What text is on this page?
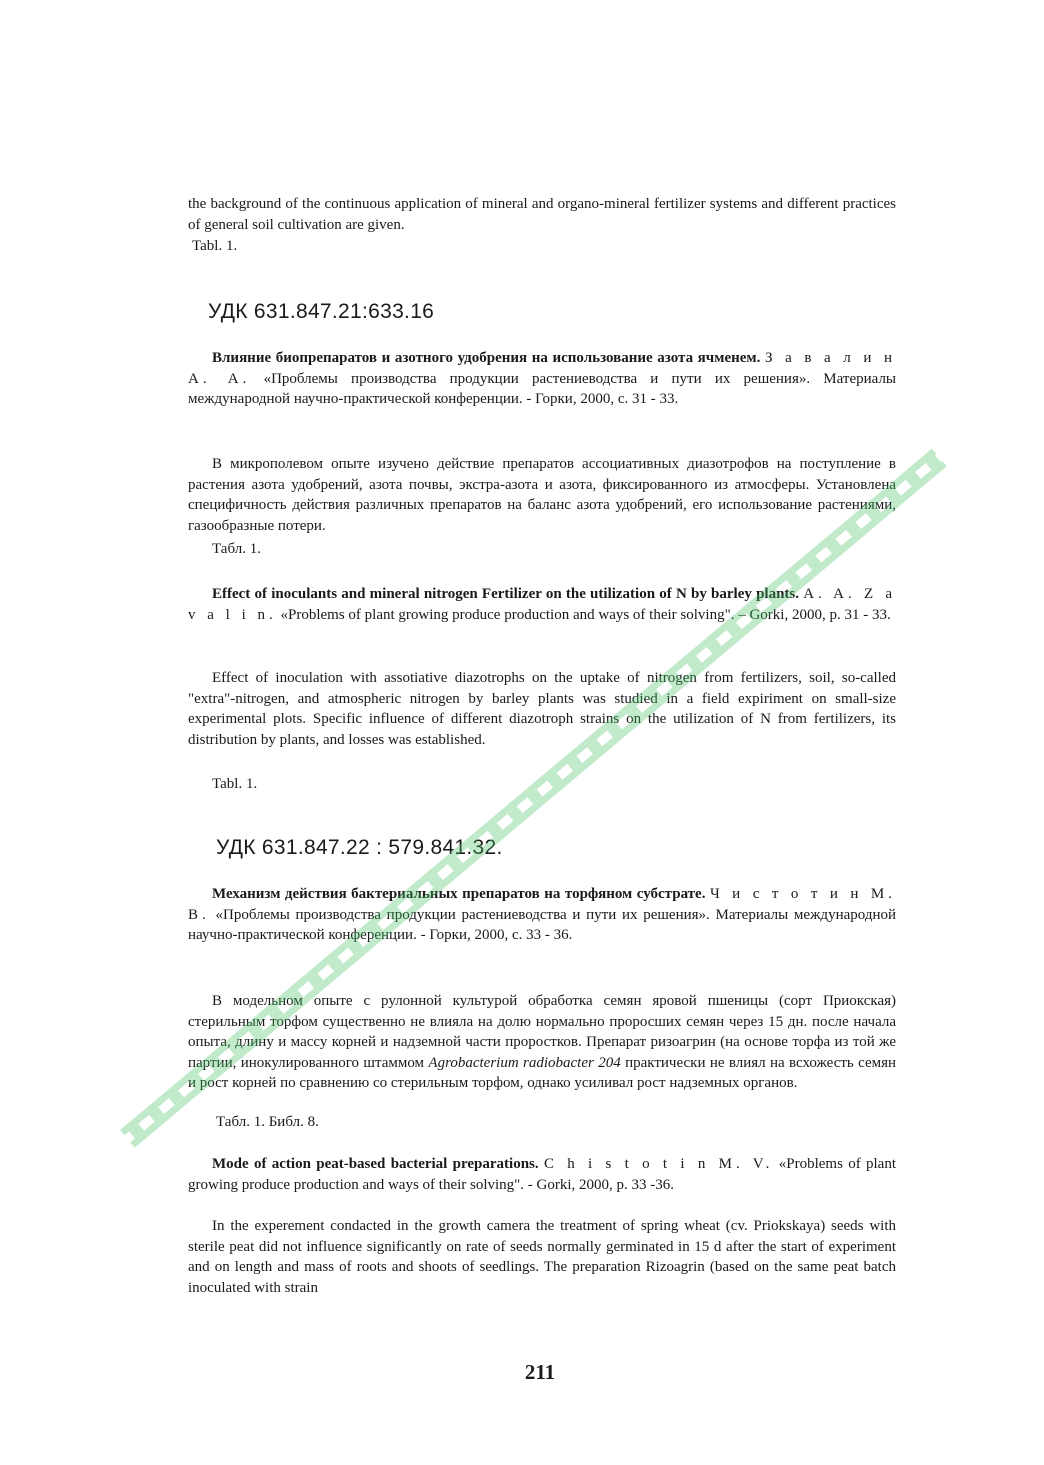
the background of the continuous application of mineral and organo-mineral fertilizer systems and different practices of general soil cultivation are given.
Tabl. 1.
УДК 631.847.21:633.16
Влияние биопрепаратов и азотного удобрения на использование азота ячменем. З а в а л и н А. А. «Проблемы производства продукции растениеводства и пути их решения». Материалы международной научно-практической конференции. - Горки, 2000, с. 31 - 33.
В микрополевом опыте изучено действие препаратов ассоциативных диазотрофов на поступление в растения азота удобрений, азота почвы, экстра-азота и азота, фиксированного из атмосферы. Установлена специфичность действия различных препаратов на баланс азота удобрений, его использование растениями, газообразные потери.
Табл. 1.
Effect of inoculants and mineral nitrogen Fertilizer on the utilization of N by barley plants. A. A. Z a v a l i n. «Problems of plant growing produce production and ways of their solving". – Gorki, 2000, p. 31 - 33.
Effect of inoculation with assotiative diazotrophs on the uptake of nitrogen from fertilizers, soil, so-called "extra"-nitrogen, and atmospheric nitrogen by barley plants was studied in a field expiriment on small-size experimental plots. Specific influence of different diazotroph strains on the utilization of N from fertilizers, its distribution by plants, and losses was established.
Tabl. 1.
УДК 631.847.22 : 579.841.32.
Механизм действия бактериальных препаратов на торфяном субстрате. Ч и с т о т и н М. В. «Проблемы производства продукции растениеводства и пути их решения». Материалы международной научно-практической конференции. - Горки, 2000, с. 33 - 36.
В модельном опыте с рулонной культурой обработка семян яровой пшеницы (сорт Приокская) стерильным торфом существенно не влияла на долю нормально проросших семян через 15 дн. после начала опыта, длину и массу корней и надземной части проростков. Препарат ризоагрин (на основе торфа из той же партии, инокулированного штаммом Agrobacterium radiobacter 204 практически не влиял на всхожесть семян и рост корней по сравнению со стерильным торфом, однако усиливал рост надземных органов.
Табл. 1. Библ. 8.
Mode of action peat-based bacterial preparations. C h i s t o t i n M. V. «Problems of plant growing produce production and ways of their solving". - Gorki, 2000, p. 33 -36.
In the experement condacted in the growth camera the treatment of spring wheat (cv. Priokskaya) seeds with sterile peat did not influence significantly on rate of seeds normally germinated in 15 d after the start of experiment and on length and mass of roots and shoots of seedlings. The preparation Rizoagrin (based on the same peat batch inoculated with strain
211
